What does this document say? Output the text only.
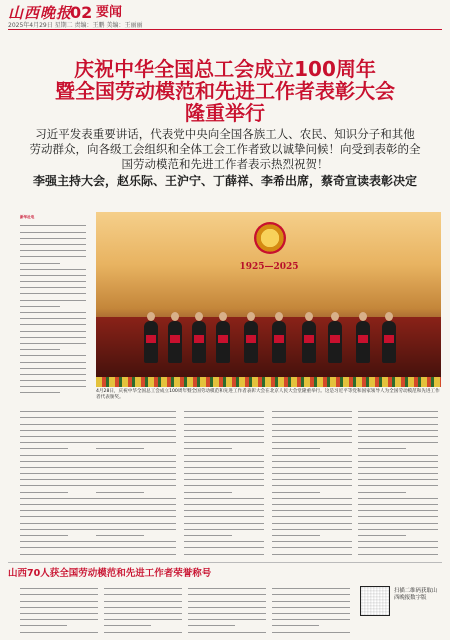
山西晚报
02 要闻
2025年4月29日 星期二 责编：王鹏 美编：王丽丽
庆祝中华全国总工会成立100周年
暨全国劳动模范和先进工作者表彰大会
隆重举行
习近平发表重要讲话，代表党中央向全国各族工人、农民、知识分子和其他
劳动群众，向各级工会组织和全体工会工作者致以诚挚问候！向受到表彰的全
国劳动模范和先进工作者表示热烈祝贺！
李强主持大会，赵乐际、王沪宁、丁薛祥、李希出席，蔡奇宣读表彰决定
新华社电
1925—2025
4月28日，庆祝中华全国总工会成立100周年暨全国劳动模范和先进工作者表彰大会在北京人民大会堂隆重举行。这是习近平等党和国家领导人为全国劳动模范和先进工作者代表颁奖。
山西70人获全国劳动模范和先进工作者荣誉称号
扫描二维码获取山西晚报数字版
